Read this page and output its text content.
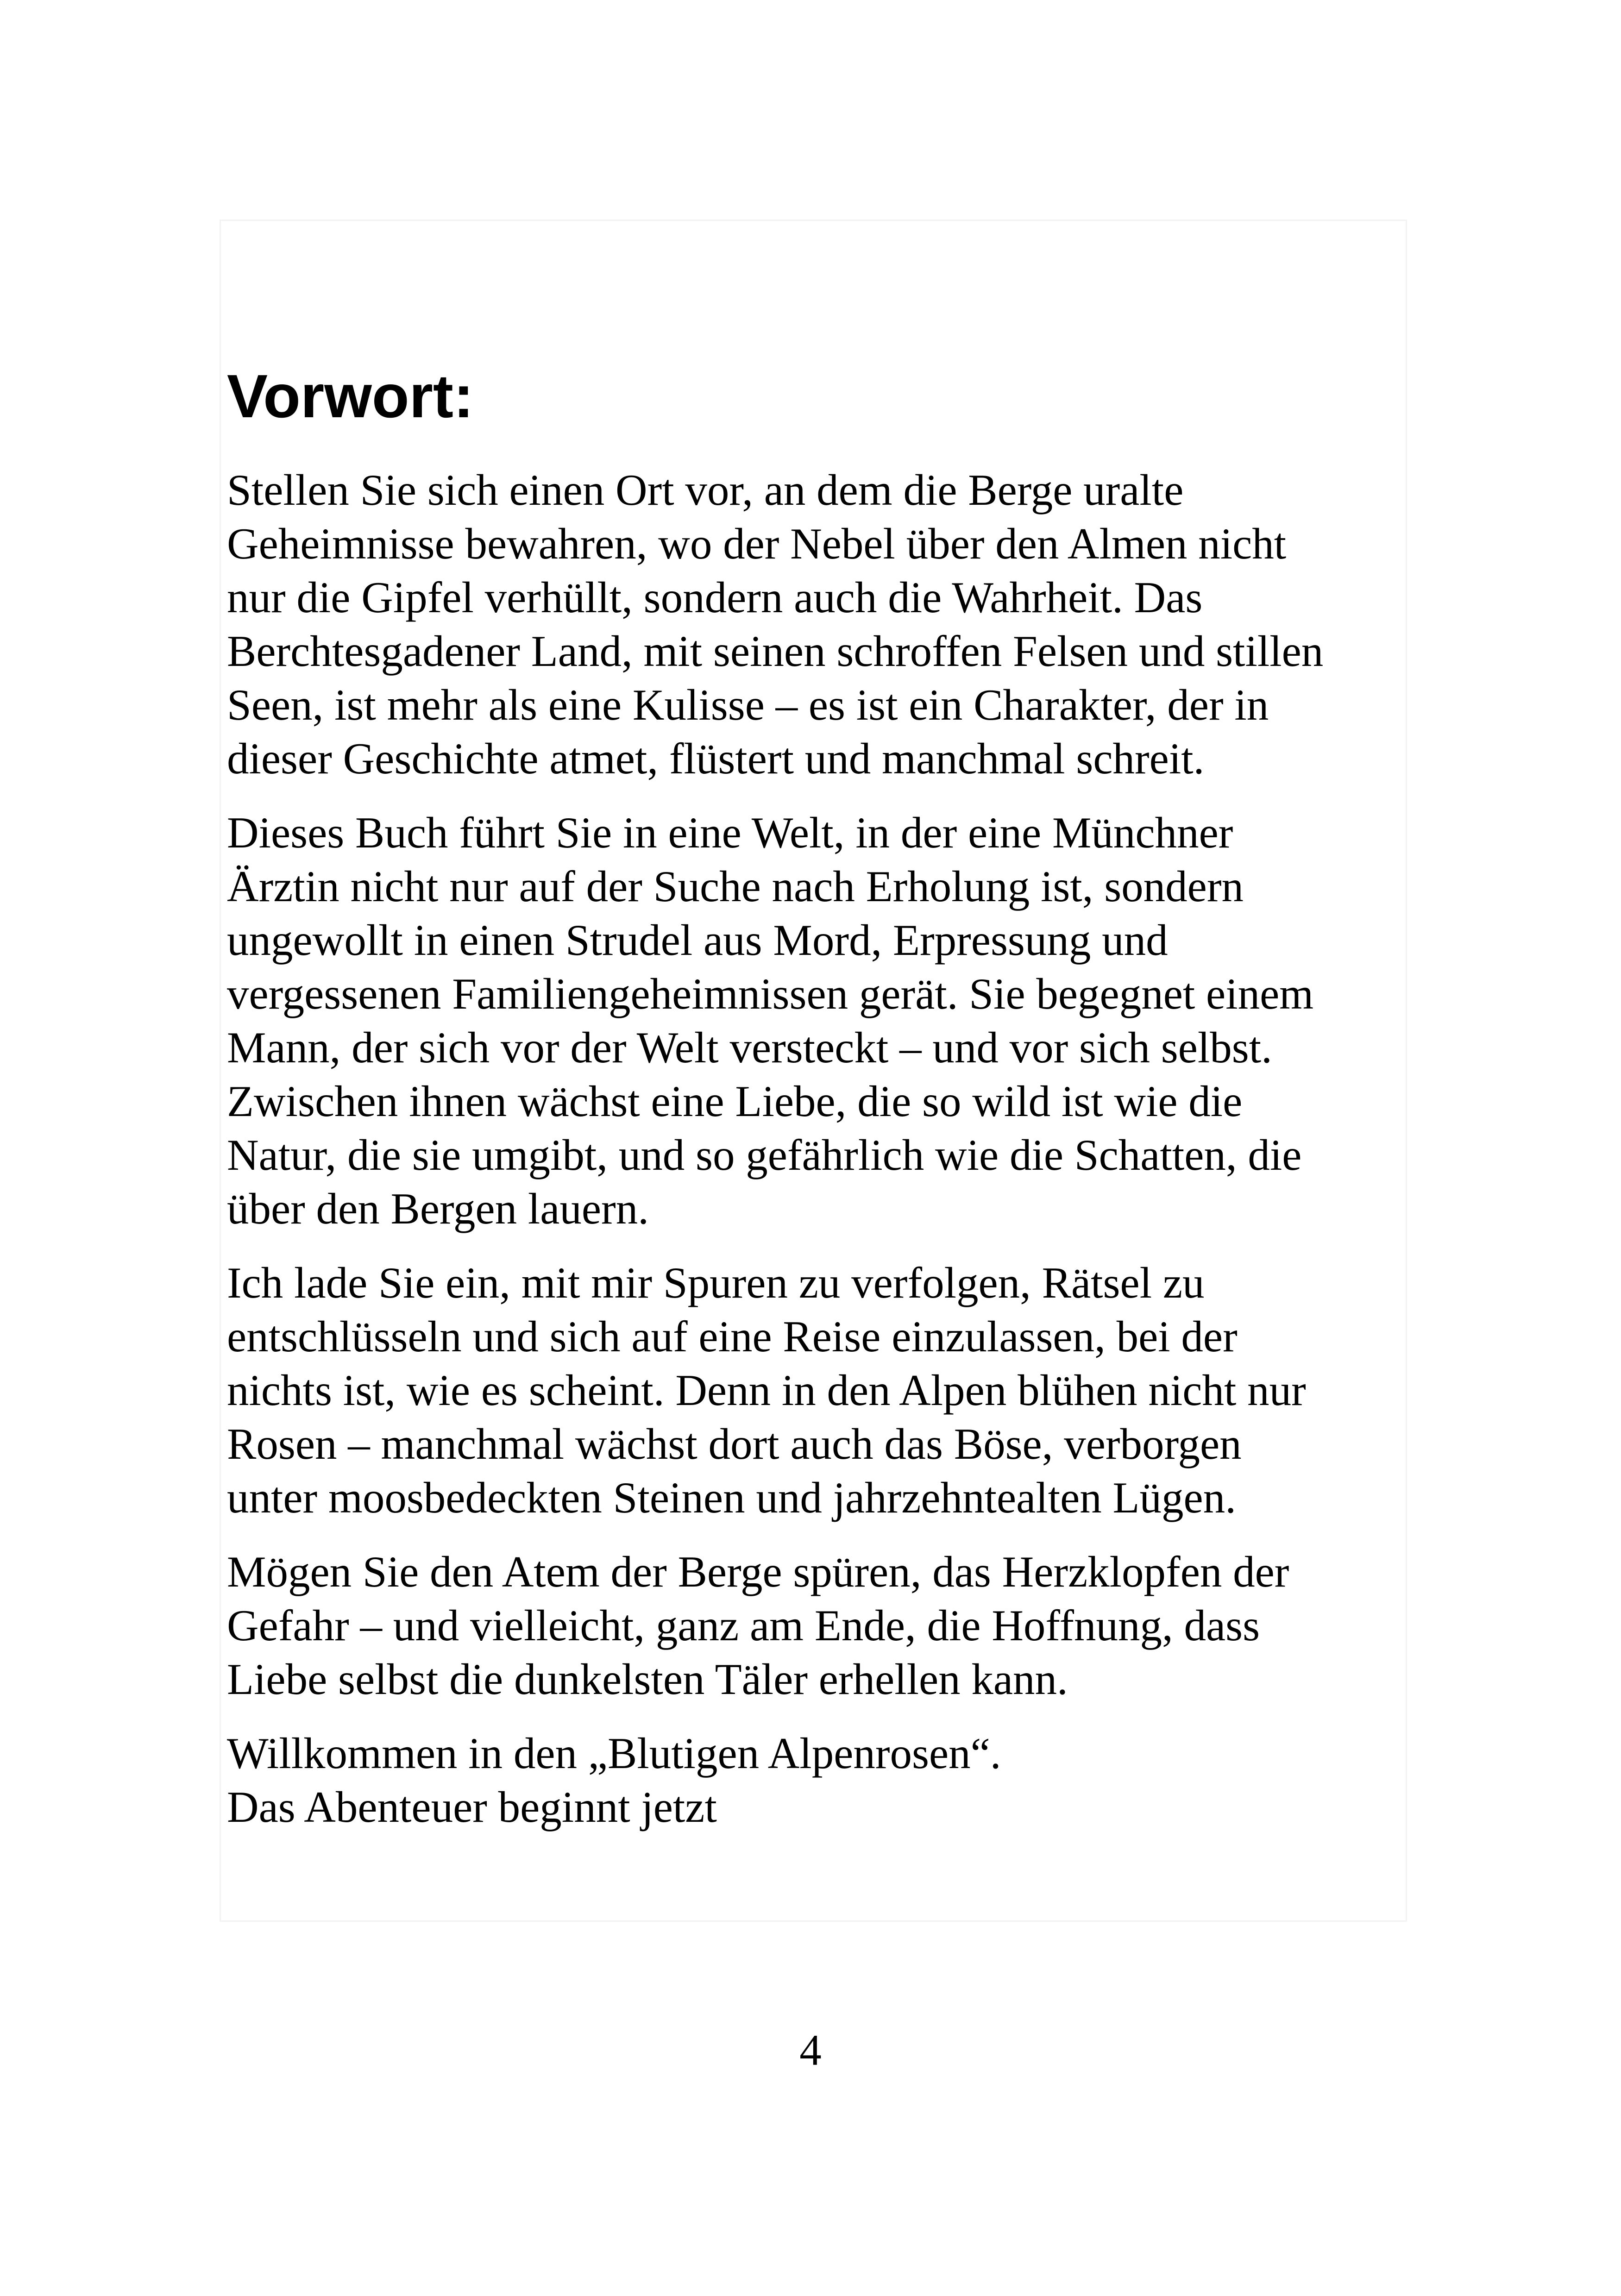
Vorwort:

Stellen Sie sich einen Ort vor, an dem die Berge uralte
Geheimnisse bewahren, wo der Nebel über den Almen nicht
nur die Gipfel verhüllt, sondern auch die Wahrheit. Das
Berchtesgadener Land, mit seinen schroffen Felsen und stillen
Seen, ist mehr als eine Kulisse – es ist ein Charakter, der in
dieser Geschichte atmet, flüstert und manchmal schreit.

Dieses Buch führt Sie in eine Welt, in der eine Münchner
Ärztin nicht nur auf der Suche nach Erholung ist, sondern
ungewollt in einen Strudel aus Mord, Erpressung und
vergessenen Familiengeheimnissen gerät. Sie begegnet einem
Mann, der sich vor der Welt versteckt – und vor sich selbst.
Zwischen ihnen wächst eine Liebe, die so wild ist wie die
Natur, die sie umgibt, und so gefährlich wie die Schatten, die
über den Bergen lauern.

Ich lade Sie ein, mit mir Spuren zu verfolgen, Rätsel zu
entschlüsseln und sich auf eine Reise einzulassen, bei der
nichts ist, wie es scheint. Denn in den Alpen blühen nicht nur
Rosen – manchmal wächst dort auch das Böse, verborgen
unter moosbedeckten Steinen und jahrzehntealten Lügen.

Mögen Sie den Atem der Berge spüren, das Herzklopfen der
Gefahr – und vielleicht, ganz am Ende, die Hoffnung, dass
Liebe selbst die dunkelsten Täler erhellen kann.

Willkommen in den „Blutigen Alpenrosen“.
Das Abenteuer beginnt jetzt

4
